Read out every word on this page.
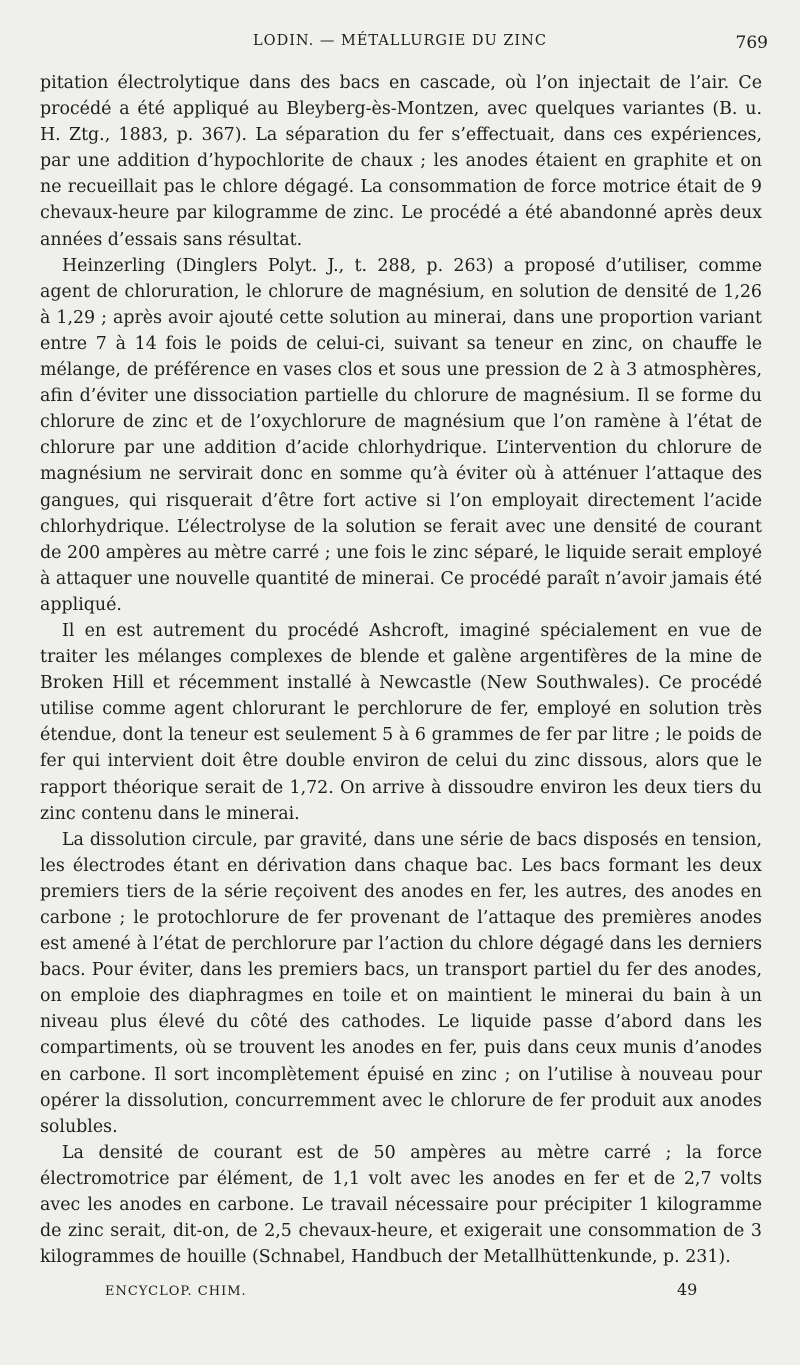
LODIN. — MÉTALLURGIE DU ZINC	769

pitation électrolytique dans des bacs en cascade, où l’on injectait de l’air. Ce procédé a été appliqué au Bleyberg-ès-Montzen, avec quelques variantes (B. u. H. Ztg., 1883, p. 367). La séparation du fer s’effectuait, dans ces expériences, par une addition d’hypochlorite de chaux ; les anodes étaient en graphite et on ne recueillait pas le chlore dégagé. La consommation de force motrice était de 9 chevaux-heure par kilogramme de zinc. Le procédé a été abandonné après deux années d’essais sans résultat.

Heinzerling (Dinglers Polyt. J., t. 288, p. 263) a proposé d’utiliser, comme agent de chloruration, le chlorure de magnésium, en solution de densité de 1,26 à 1,29 ; après avoir ajouté cette solution au minerai, dans une proportion variant entre 7 à 14 fois le poids de celui-ci, suivant sa teneur en zinc, on chauffe le mélange, de préférence en vases clos et sous une pression de 2 à 3 atmosphères, afin d’éviter une dissociation partielle du chlorure de magnésium. Il se forme du chlorure de zinc et de l’oxychlorure de magnésium que l’on ramène à l’état de chlorure par une addition d’acide chlorhydrique. L’intervention du chlorure de magnésium ne servirait donc en somme qu’à éviter où à atténuer l’attaque des gangues, qui risquerait d’être fort active si l’on employait directement l’acide chlorhydrique. L’électrolyse de la solution se ferait avec une densité de courant de 200 ampères au mètre carré ; une fois le zinc séparé, le liquide serait employé à attaquer une nouvelle quantité de minerai. Ce procédé paraît n’avoir jamais été appliqué.

Il en est autrement du procédé Ashcroft, imaginé spécialement en vue de traiter les mélanges complexes de blende et galène argentifères de la mine de Broken Hill et récemment installé à Newcastle (New Southwales). Ce procédé utilise comme agent chlorurant le perchlorure de fer, employé en solution très étendue, dont la teneur est seulement 5 à 6 grammes de fer par litre ; le poids de fer qui intervient doit être double environ de celui du zinc dissous, alors que le rapport théorique serait de 1,72. On arrive à dissoudre environ les deux tiers du zinc contenu dans le minerai.

La dissolution circule, par gravité, dans une série de bacs disposés en tension, les électrodes étant en dérivation dans chaque bac. Les bacs formant les deux premiers tiers de la série reçoivent des anodes en fer, les autres, des anodes en carbone ; le protochlorure de fer provenant de l’attaque des premières anodes est amené à l’état de perchlorure par l’action du chlore dégagé dans les derniers bacs. Pour éviter, dans les premiers bacs, un transport partiel du fer des anodes, on emploie des diaphragmes en toile et on maintient le minerai du bain à un niveau plus élevé du côté des cathodes. Le liquide passe d’abord dans les compartiments, où se trouvent les anodes en fer, puis dans ceux munis d’anodes en carbone. Il sort incomplètement épuisé en zinc ; on l’utilise à nouveau pour opérer la dissolution, concurremment avec le chlorure de fer produit aux anodes solubles.

La densité de courant est de 50 ampères au mètre carré ; la force électromotrice par élément, de 1,1 volt avec les anodes en fer et de 2,7 volts avec les anodes en carbone. Le travail nécessaire pour précipiter 1 kilogramme de zinc serait, dit-on, de 2,5 chevaux-heure, et exigerait une consommation de 3 kilogrammes de houille (Schnabel, Handbuch der Metallhüttenkunde, p. 231).

ENCYCLOP. CHIM.	49
